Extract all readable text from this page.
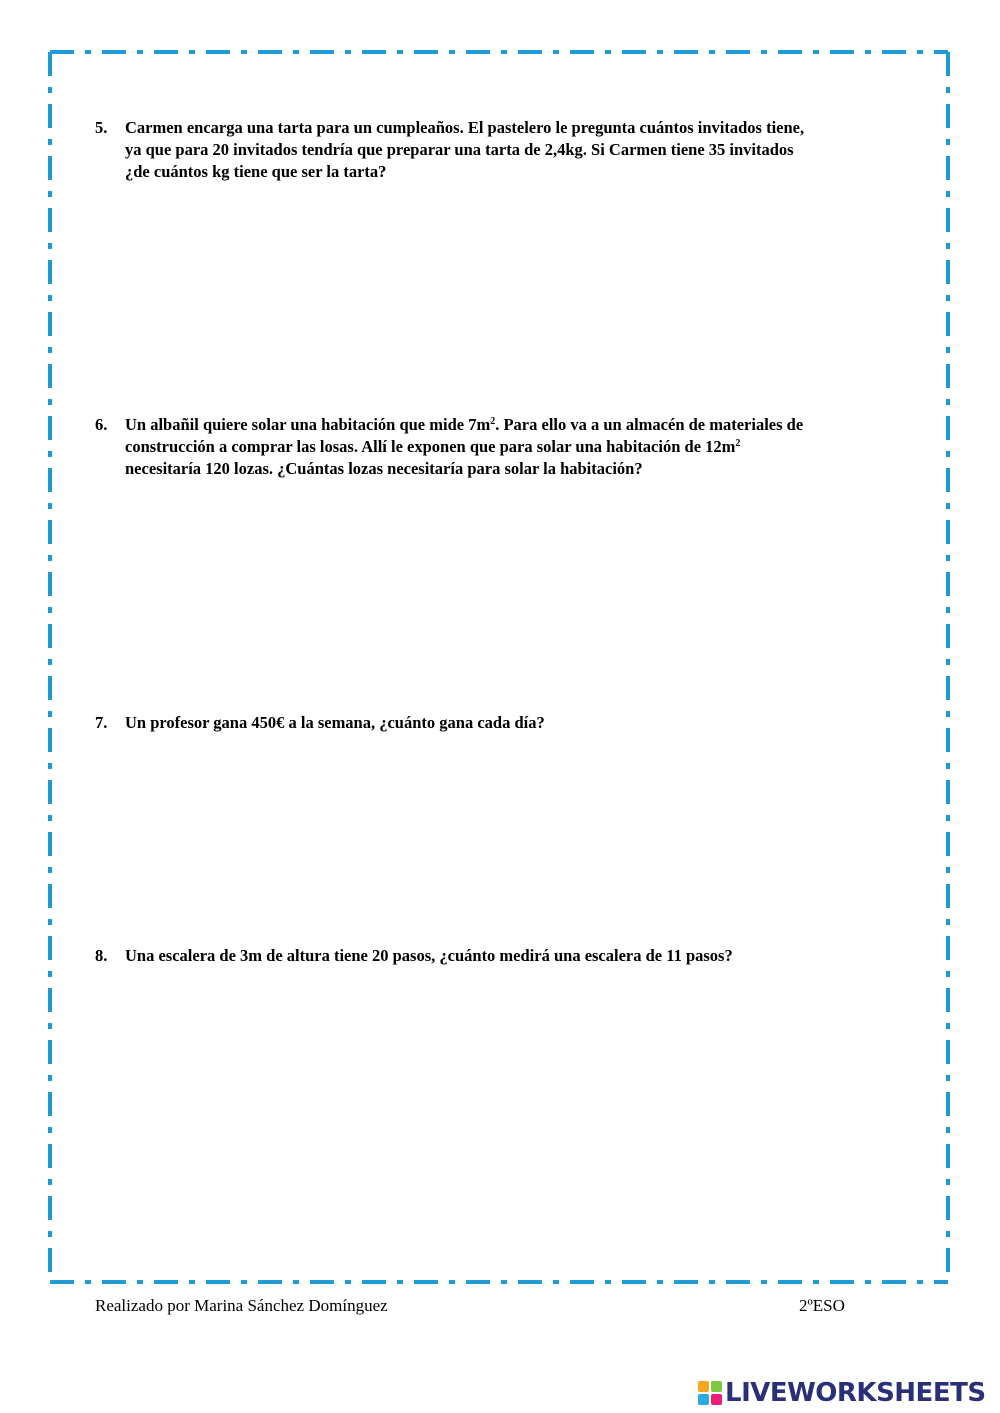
5.	Carmen encarga una tarta para un cumpleaños. El pastelero le pregunta cuántos invitados tiene,
ya que para 20 invitados tendría que preparar una tarta de 2,4kg. Si Carmen tiene 35 invitados
¿de cuántos kg tiene que ser la tarta?
6.	Un albañil quiere solar una habitación que mide $7m^2$. Para ello va a un almacén de materiales de
construcción a comprar las losas. Allí le exponen que para solar una habitación de $12m^2$
necesitaría 120 lozas. ¿Cuántas lozas necesitaría para solar la habitación?
7.	Un profesor gana 450€ a la semana, ¿cuánto gana cada día?
8.	Una escalera de 3m de altura tiene 20 pasos, ¿cuánto medirá una escalera de 11 pasos?
Realizado por Marina Sánchez Domínguez	2ºESO
LIVEWORKSHEETS
